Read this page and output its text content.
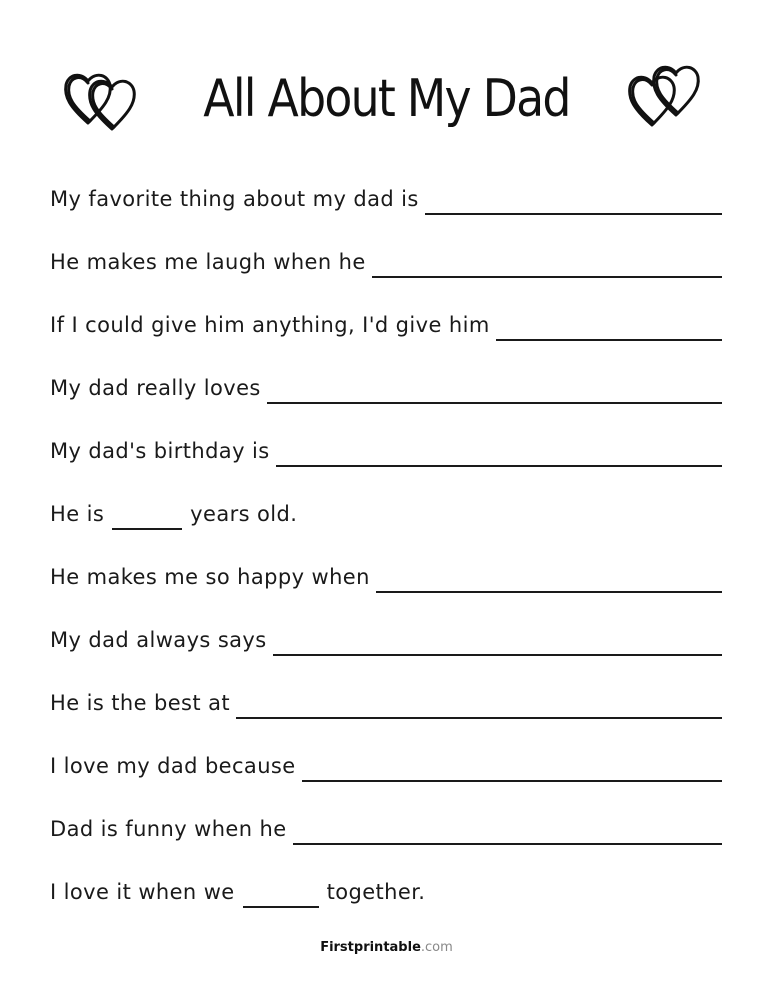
All About My Dad
My favorite thing about my dad is
He makes me laugh when he
If I could give him anything, I'd give him
My dad really loves
My dad's birthday is
He is	years old.
He makes me so happy when
My dad always says
He is the best at
I love my dad because
Dad is funny when he
I love it when we	together.
Firstprintable.com
